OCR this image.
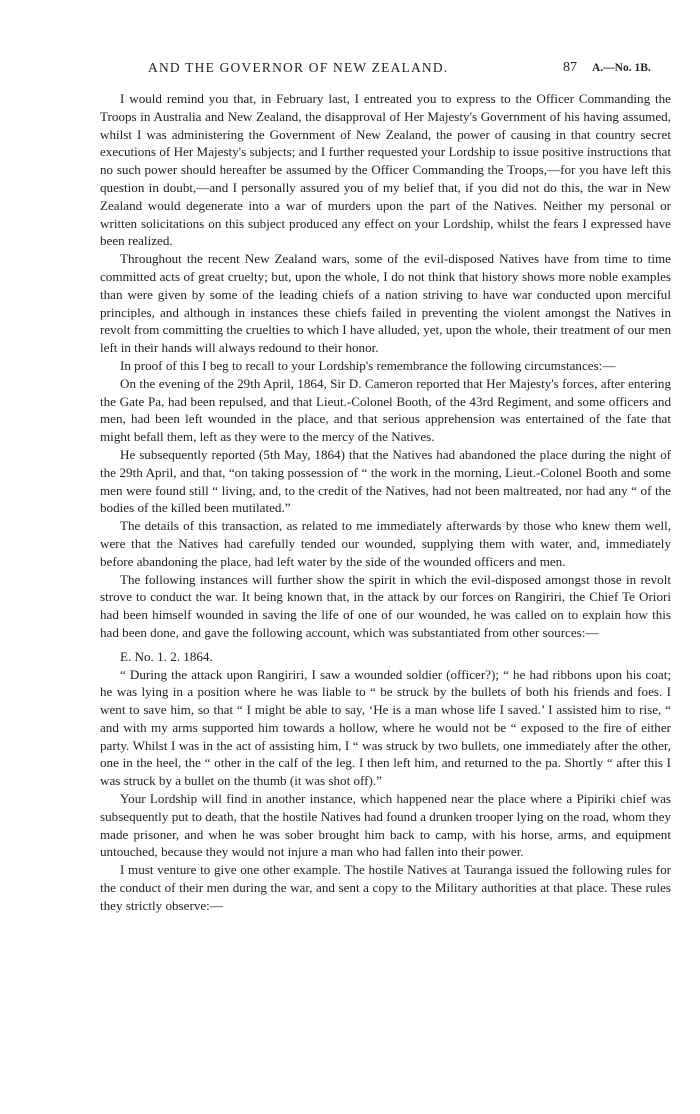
AND THE GOVERNOR OF NEW ZEALAND.	87 A.—No. 1B.

I would remind you that, in February last, I entreated you to express to the Officer Commanding the Troops in Australia and New Zealand, the disapproval of Her Majesty's Government of his having assumed, whilst I was administering the Government of New Zealand, the power of causing in that country secret executions of Her Majesty's subjects; and I further requested your Lordship to issue positive instructions that no such power should hereafter be assumed by the Officer Commanding the Troops,—for you have left this question in doubt,—and I personally assured you of my belief that, if you did not do this, the war in New Zealand would degenerate into a war of murders upon the part of the Natives. Neither my personal or written solicitations on this subject produced any effect on your Lordship, whilst the fears I expressed have been realized.

Throughout the recent New Zealand wars, some of the evil-disposed Natives have from time to time committed acts of great cruelty; but, upon the whole, I do not think that history shows more noble examples than were given by some of the leading chiefs of a nation striving to have war conducted upon merciful principles, and although in instances these chiefs failed in preventing the violent amongst the Natives in revolt from committing the cruelties to which I have alluded, yet, upon the whole, their treatment of our men left in their hands will always redound to their honor.

In proof of this I beg to recall to your Lordship's remembrance the following circumstances:—

On the evening of the 29th April, 1864, Sir D. Cameron reported that Her Majesty's forces, after entering the Gate Pa, had been repulsed, and that Lieut.-Colonel Booth, of the 43rd Regiment, and some officers and men, had been left wounded in the place, and that serious apprehension was entertained of the fate that might befall them, left as they were to the mercy of the Natives.

He subsequently reported (5th May, 1864) that the Natives had abandoned the place during the night of the 29th April, and that, “on taking possession of “ the work in the morning, Lieut.-Colonel Booth and some men were found still “ living, and, to the credit of the Natives, had not been maltreated, nor had any “ of the bodies of the killed been mutilated.”

The details of this transaction, as related to me immediately afterwards by those who knew them well, were that the Natives had carefully tended our wounded, supplying them with water, and, immediately before abandoning the place, had left water by the side of the wounded officers and men.

The following instances will further show the spirit in which the evil-disposed amongst those in revolt strove to conduct the war. It being known that, in the attack by our forces on Rangiriri, the Chief Te Oriori had been himself wounded in saving the life of one of our wounded, he was called on to explain how this had been done, and gave the following account, which was substantiated from other sources:—

E. No. 1. 2. 1864.

“ During the attack upon Rangiriri, I saw a wounded soldier (officer?); “ he had ribbons upon his coat; he was lying in a position where he was liable to “ be struck by the bullets of both his friends and foes. I went to save him, so that “ I might be able to say, ‘He is a man whose life I saved.’ I assisted him to rise, “ and with my arms supported him towards a hollow, where he would not be “ exposed to the fire of either party. Whilst I was in the act of assisting him, I “ was struck by two bullets, one immediately after the other, one in the heel, the “ other in the calf of the leg. I then left him, and returned to the pa. Shortly “ after this I was struck by a bullet on the thumb (it was shot off).”

Your Lordship will find in another instance, which happened near the place where a Pipiriki chief was subsequently put to death, that the hostile Natives had found a drunken trooper lying on the road, whom they made prisoner, and when he was sober brought him back to camp, with his horse, arms, and equipment untouched, because they would not injure a man who had fallen into their power.

I must venture to give one other example. The hostile Natives at Tauranga issued the following rules for the conduct of their men during the war, and sent a copy to the Military authorities at that place. These rules they strictly observe:—
